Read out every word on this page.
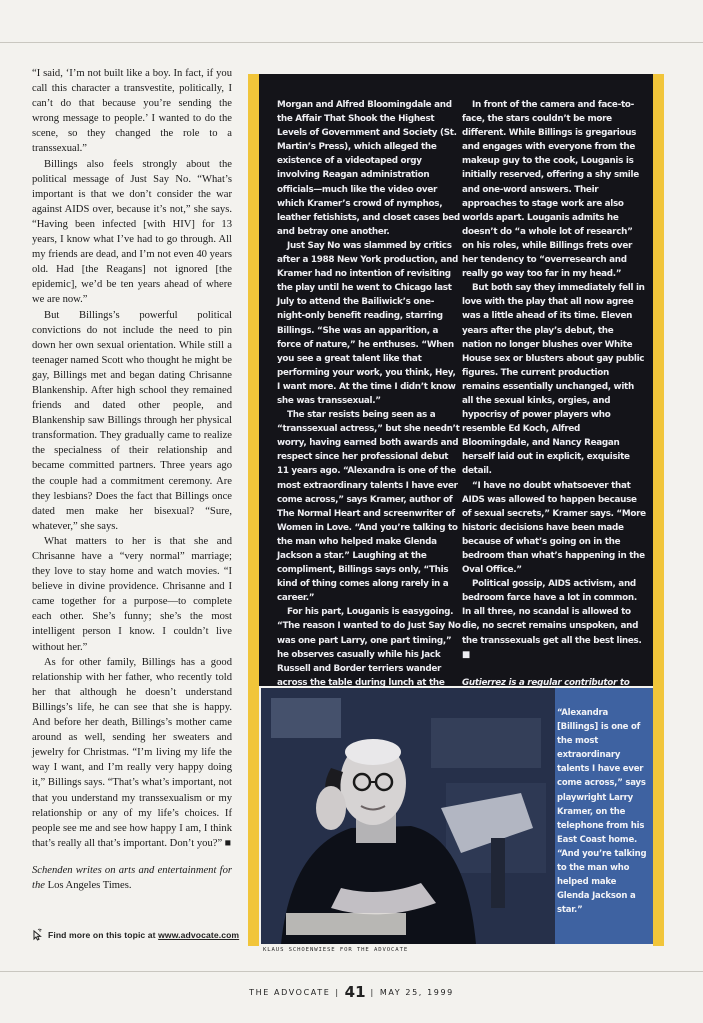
“I said, ‘I’m not built like a boy. In fact, if you call this character a transvestite, politically, I can’t do that because you’re sending the wrong message to people.’ I wanted to do the scene, so they changed the role to a transsexual.”

Billings also feels strongly about the political message of Just Say No. “What’s important is that we don’t consider the war against AIDS over, because it’s not,” she says. “Having been infected [with HIV] for 13 years, I know what I’ve had to go through. All my friends are dead, and I’m not even 40 years old. Had [the Reagans] not ignored [the epidemic], we’d be ten years ahead of where we are now.”

But Billings’s powerful political convictions do not include the need to pin down her own sexual orientation. While still a teenager named Scott who thought he might be gay, Billings met and began dating Chrisanne Blankenship. After high school they remained friends and dated other people, and Blankenship saw Billings through her physical transformation. They gradually came to realize the specialness of their relationship and became committed partners. Three years ago the couple had a commitment ceremony. Are they lesbians? Does the fact that Billings once dated men make her bisexual? “Sure, whatever,” she says.

What matters to her is that she and Chrisanne have a “very normal” marriage; they love to stay home and watch movies. “I believe in divine providence. Chrisanne and I came together for a purpose—to complete each other. She’s funny; she’s the most intelligent person I know. I couldn’t live without her.”

As for other family, Billings has a good relationship with her father, who recently told her that although he doesn’t understand Billings’s life, he can see that she is happy. And before her death, Billings’s mother came around as well, sending her sweaters and jewelry for Christmas. “I’m living my life the way I want, and I’m really very happy doing it,” Billings says. “That’s what’s important, not that you understand my transsexualism or my relationship or any of my life’s choices. If people see me and see how happy I am, I think that’s really all that’s important. Don’t you?” ■

Schenden writes on arts and entertainment for the Los Angeles Times.

Find more on this topic at www.advocate.com

Morgan and Alfred Bloomingdale and the Affair That Shook the Highest Levels of Government and Society (St. Martin’s Press), which alleged the existence of a videotaped orgy involving Reagan administration officials—much like the video over which Kramer’s crowd of nymphos, leather fetishists, and closet cases bed and betray one another.

Just Say No was slammed by critics after a 1988 New York production, and Kramer had no intention of revisiting the play until he went to Chicago last July to attend the Bailiwick’s one-night-only benefit reading, starring Billings. “She was an apparition, a force of nature,” he enthuses. “When you see a great talent like that performing your work, you think, Hey, I want more. At the time I didn’t know she was transsexual.”

The star resists being seen as a “transsexual actress,” but she needn’t worry, having earned both awards and respect since her professional debut 11 years ago. “Alexandra is one of the most extraordinary talents I have ever come across,” says Kramer, author of The Normal Heart and screenwriter of Women in Love. “And you’re talking to the man who helped make Glenda Jackson a star.” Laughing at the compliment, Billings says only, “This kind of thing comes along rarely in a career.”

For his part, Louganis is easygoing. “The reason I wanted to do Just Say No was one part Larry, one part timing,” he observes casually while his Jack Russell and Border terriers wander across the table during lunch at the

In front of the camera and face-to-face, the stars couldn’t be more different. While Billings is gregarious and engages with everyone from the makeup guy to the cook, Louganis is initially reserved, offering a shy smile and one-word answers. Their approaches to stage work are also worlds apart. Louganis admits he doesn’t do “a whole lot of research” on his roles, while Billings frets over her tendency to “overresearch and really go way too far in my head.”

But both say they immediately fell in love with the play that all now agree was a little ahead of its time. Eleven years after the play’s debut, the nation no longer blushes over White House sex or blusters about gay public figures. The current production remains essentially unchanged, with all the sexual kinks, orgies, and hypocrisy of power players who resemble Ed Koch, Alfred Bloomingdale, and Nancy Reagan herself laid out in explicit, exquisite detail.

“I have no doubt whatsoever that AIDS was allowed to happen because of sexual secrets,” Kramer says. “More historic decisions have been made because of what’s going on in the bedroom than what’s happening in the Oval Office.”

Political gossip, AIDS activism, and bedroom farce have a lot in common. In all three, no scandal is allowed to die, no secret remains unspoken, and the transsexuals get all the best lines. ■

Gutierrez is a regular contributor to

“Alexandra [Billings] is one of the most extraordinary talents I have ever come across,” says playwright Larry Kramer, on the telephone from his East Coast home. “And you’re talking to the man who helped make Glenda Jackson a star.”
KLAUS SCHOENWIESE FOR THE ADVOCATE
THE ADVOCATE | 41 | MAY 25, 1999
